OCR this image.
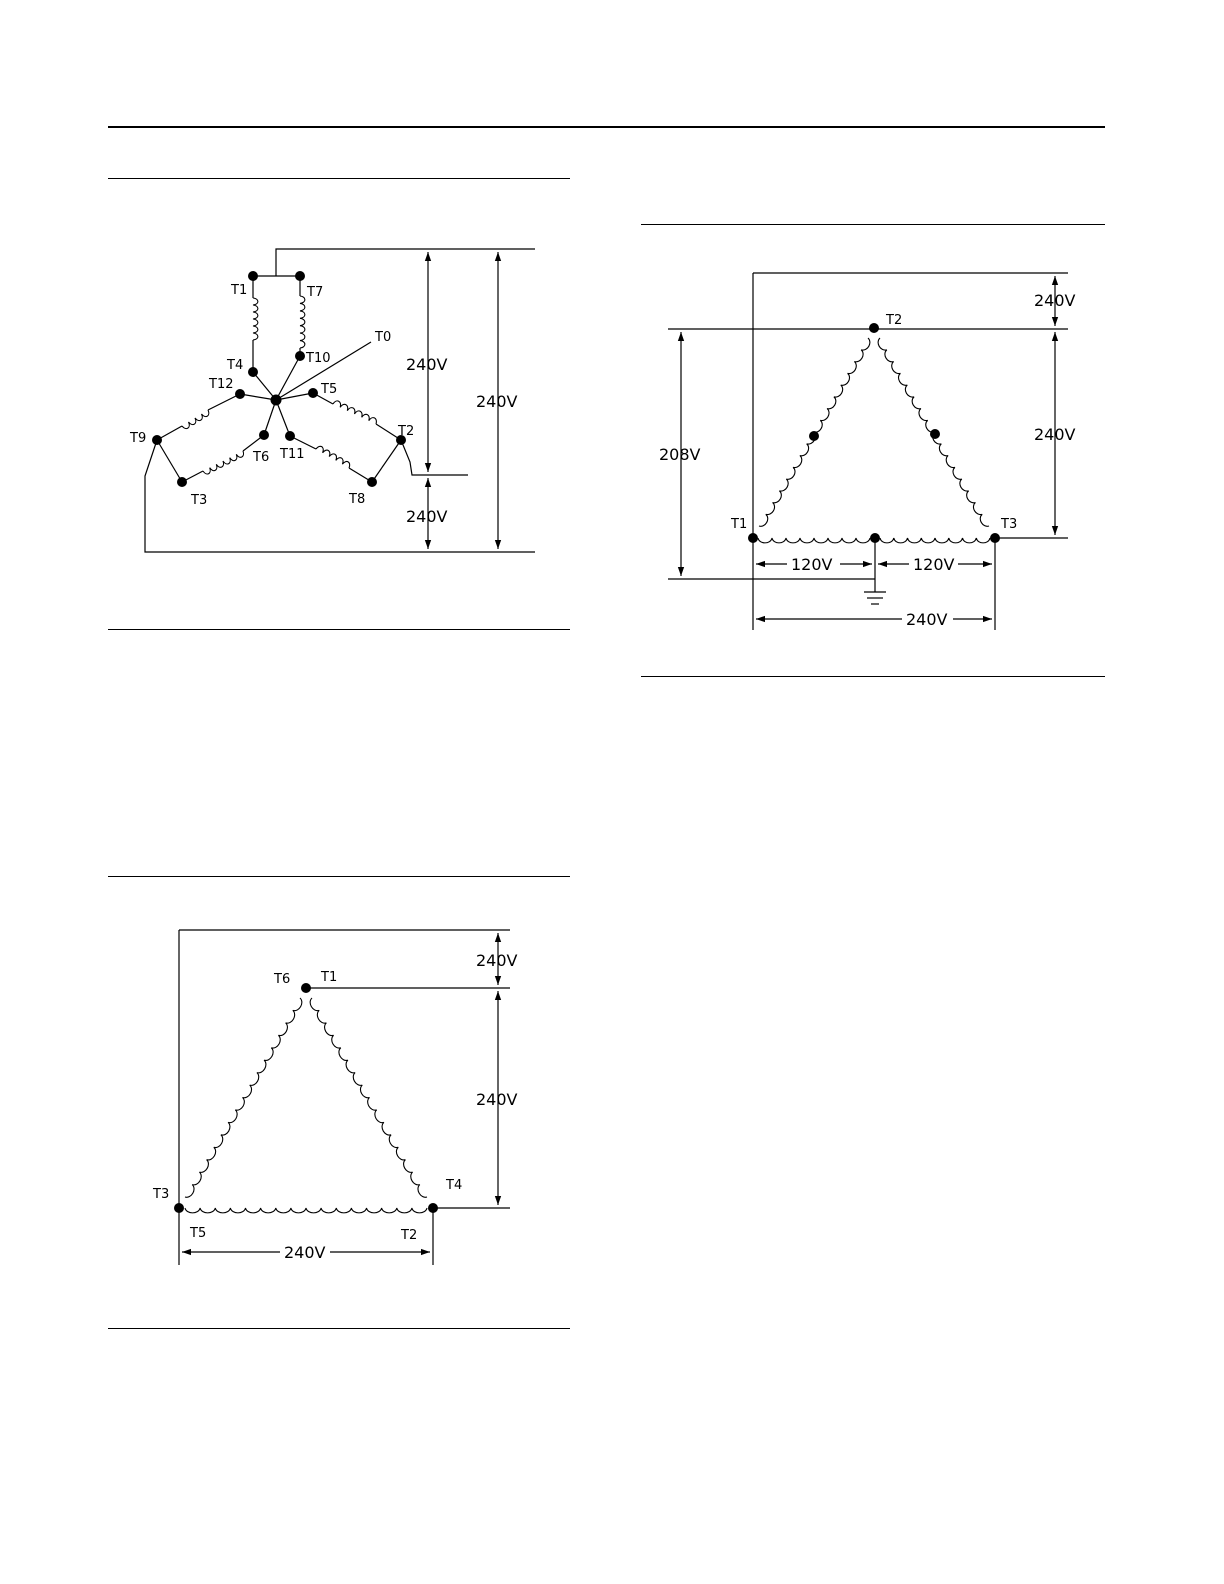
T1	T7
T4	T10
T0
T12	T5
T9	T2
T6 T11
T3	T8
240V
240V
240V
T2
T1	T3
240V
208V
240V
120V	120V
240V
T6 T1
T3
T4
T5	T2
240V
240V
240V
